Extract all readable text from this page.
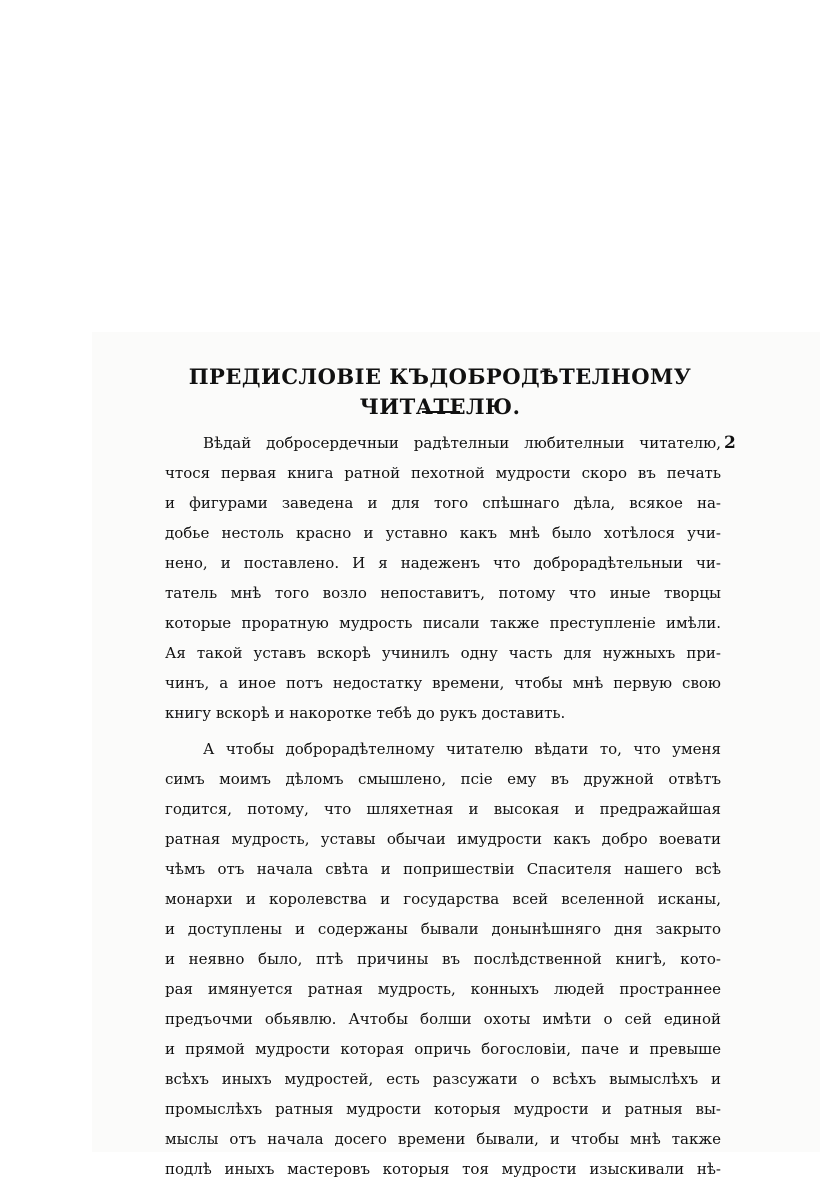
ПРЕДИСЛОВІЕ КЪДОБРОДѢТЕЛНОМУ ЧИТАТЕЛЮ.
2
Вѣдай добросердечныи радѣтелныи любителныи читателю,
чтося первая книга ратной пехотной мудрости скоро въ печать
и фигурами заведена и для того спѣшнаго дѣла, всякое на-
добье нестоль красно и уставно какъ мнѣ было хотѣлося учи-
нено, и поставлено. И я надеженъ что доброрадѣтельныи чи-
татель мнѣ того возло непоставитъ, потому что иные творцы
которые проратную мудрость писали также преступленіе имѣли.
Ая такой уставъ вскорѣ учинилъ одну часть для нужныхъ при-
чинъ, а иное потъ недостатку времени, чтобы мнѣ первую свою
книгу вскорѣ и накоротке тебѣ до рукъ доставить.
А чтобы доброрадѣтелному читателю вѣдати то, что уменя
симъ моимъ дѣломъ смышлено, псіе ему въ дружной отвѣтъ
годится, потому, что шляхетная и высокая и предражайшая
ратная мудрость, уставы обычаи имудрости какъ добро воевати
чѣмъ отъ начала свѣта и попришествіи Спасителя нашего всѣ
монархи и королевства и государства всей вселенной исканы,
и доступлены и содержаны бывали донынѣшняго дня закрыто
и неявно было, птѣ причины въ послѣдственной книгѣ, кото-
рая имянуется ратная мудрость, конныхъ людей пространнее
предъочми обьявлю. Ачтобы болши охоты имѣти о сей единой
и прямой мудрости которая опричь богословіи, паче и превыше
всѣхъ иныхъ мудростей, есть разсужати о всѣхъ вымыслѣхъ и
промыслѣхъ ратныя мудрости которыя мудрости и ратныя вы-
мыслы отъ начала досего времени бывали, и чтобы мнѣ также
подлѣ иныхъ мастеровъ которыя тоя мудрости изыскивали нѣ-
